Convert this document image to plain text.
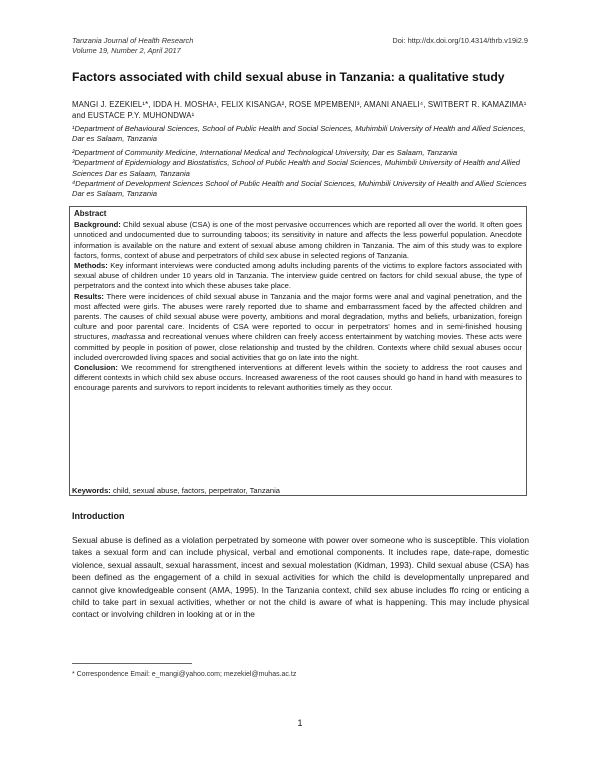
Tanzania Journal of Health Research
Volume 19, Number 2, April 2017
Doi: http://dx.doi.org/10.4314/thrb.v19i2.9
Factors associated with child sexual abuse in Tanzania: a qualitative study
MANGI J. EZEKIEL¹*, IDDA H. MOSHA¹, FELIX KISANGA², ROSE MPEMBENI³, AMANI ANAELI⁴, SWITBERT R. KAMAZIMA¹ and EUSTACE P.Y. MUHONDWA¹
¹Department of Behavioural Sciences, School of Public Health and Social Sciences, Muhimbili University of Health and Allied Sciences, Dar es Salaam, Tanzania
²Department of Community Medicine, International Medical and Technological University, Dar es Salaam, Tanzania
³Department of Epidemiology and Biostatistics, School of Public Health and Social Sciences, Muhimbili University of Health and Allied Sciences Dar es Salaam, Tanzania
⁴Department of Development Sciences School of Public Health and Social Sciences, Muhimbili University of Health and Allied Sciences Dar es Salaam, Tanzania
Abstract

Background: Child sexual abuse (CSA) is one of the most pervasive occurrences which are reported all over the world. It often goes unnoticed and undocumented due to surrounding taboos; its sensitivity in nature and affects the less powerful population. Anecdote information is available on the nature and extent of sexual abuse among children in Tanzania. The aim of this study was to explore factors, forms, context of abuse and perpetrators of child sex abuse in selected regions of Tanzania.

Methods: Key informant interviews were conducted among adults including parents of the victims to explore factors associated with sexual abuse of children under 10 years old in Tanzania. The interview guide centred on factors for child sexual abuse, the type of perpetrators and the context into which these abuses take place.

Results: There were incidences of child sexual abuse in Tanzania and the major forms were anal and vaginal penetration, and the most affected were girls. The abuses were rarely reported due to shame and embarrassment faced by the affected children and parents. The causes of child sexual abuse were poverty, ambitions and moral degradation, myths and beliefs, urbanization, foreign culture and poor parental care. Incidents of CSA were reported to occur in perpetrators' homes and in semi-finished housing structures, madrassa and recreational venues where children can freely access entertainment by watching movies. These acts were committed by people in position of power, close relationship and trusted by the children. Contexts where child sexual abuses occur included overcrowded living spaces and social activities that go on late into the night.

Conclusion: We recommend for strengthened interventions at different levels within the society to address the root causes and different contexts in which child sex abuse occurs. Increased awareness of the root causes should go hand in hand with measures to encourage parents and survivors to report incidents to relevant authorities timely as they occur.

Keywords: child, sexual abuse, factors, perpetrator, Tanzania
Introduction
Sexual abuse is defined as a violation perpetrated by someone with power over someone who is susceptible. This violation takes a sexual form and can include physical, verbal and emotional components. It includes rape, date-rape, domestic violence, sexual assault, sexual harassment, incest and sexual molestation (Kidman, 1993). Child sexual abuse (CSA) has been defined as the engagement of a child in sexual activities for which the child is developmentally unprepared and cannot give knowledgeable consent (AMA, 1995). In the Tanzania context, child sex abuse includes ffo rcing or enticing a child to take part in sexual activities, whether or not the child is aware of what is happening. This may include physical contact or involving children in looking at or in the
* Correspondence Email: e_mangi@yahoo.com; mezekiel@muhas.ac.tz
1
